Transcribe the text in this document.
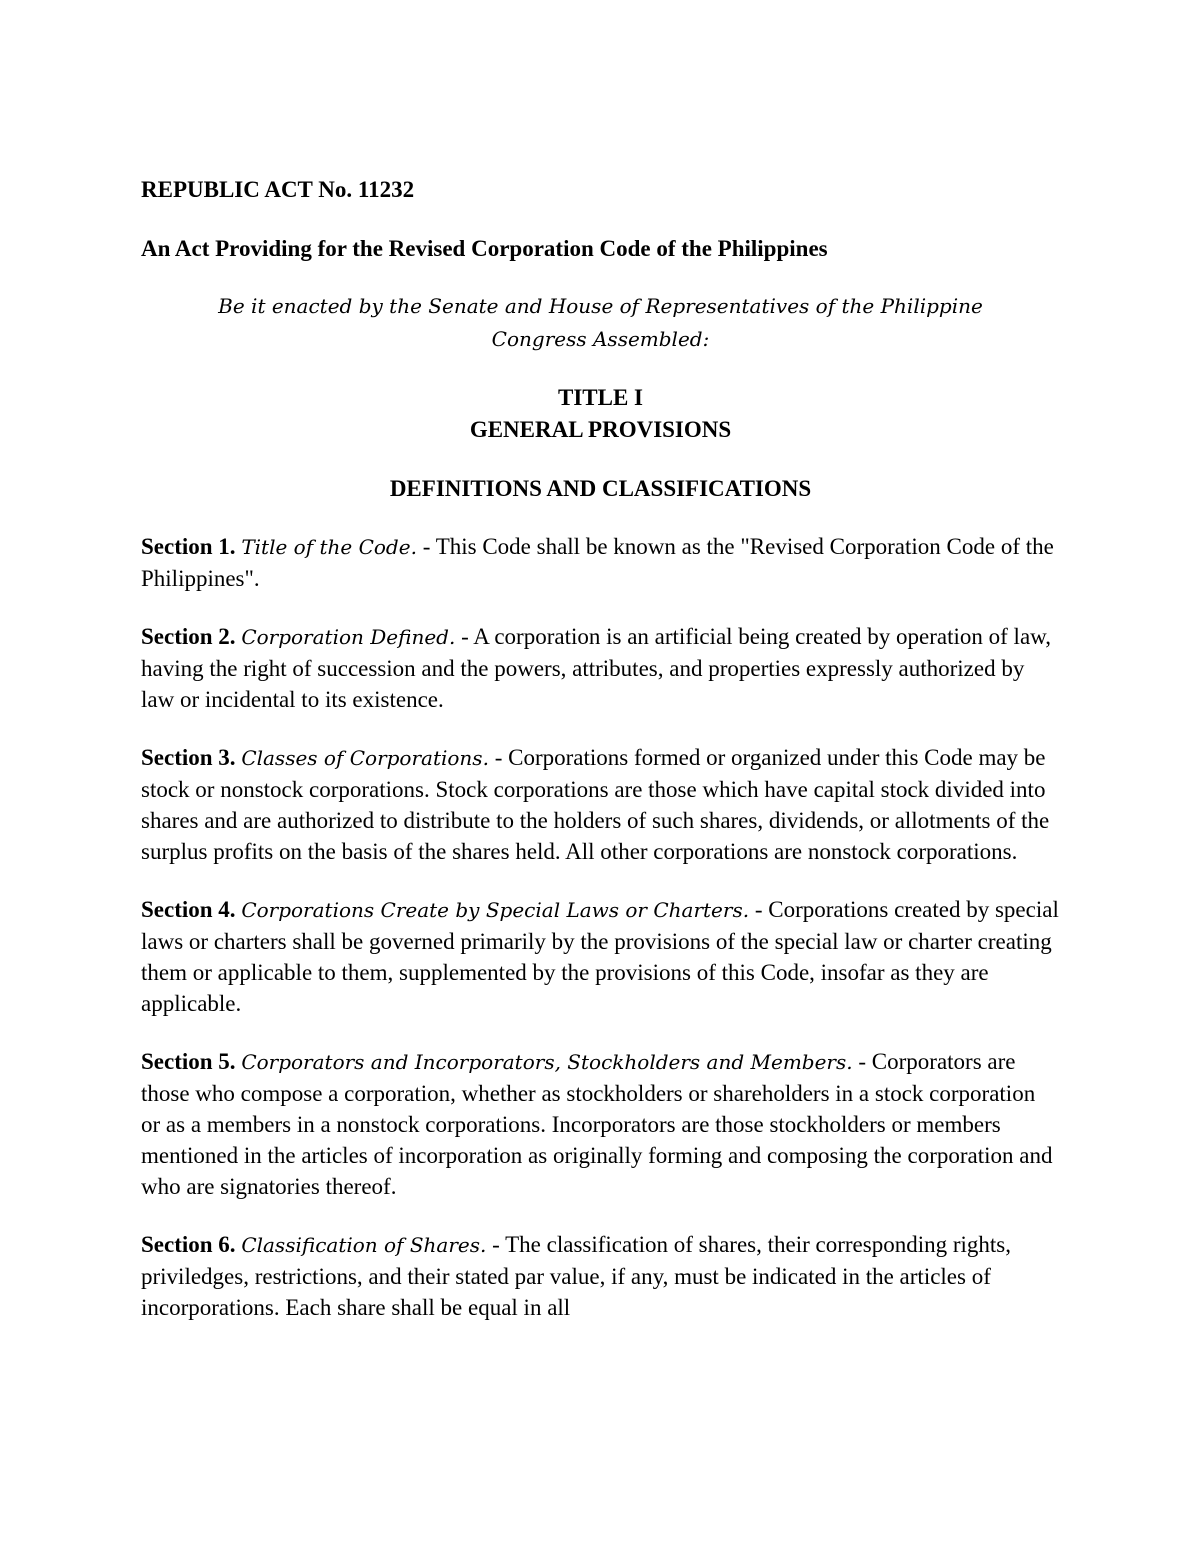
REPUBLIC ACT No. 11232

An Act Providing for the Revised Corporation Code of the Philippines

Be it enacted by the Senate and House of Representatives of the Philippine
Congress Assembled:
TITLE I
GENERAL PROVISIONS
DEFINITIONS AND CLASSIFICATIONS

Section 1. Title of the Code. - This Code shall be known as the "Revised Corporation Code of the Philippines".

Section 2. Corporation Defined. - A corporation is an artificial being created by operation of law, having the right of succession and the powers, attributes, and properties expressly authorized by law or incidental to its existence.

Section 3. Classes of Corporations. - Corporations formed or organized under this Code may be stock or nonstock corporations. Stock corporations are those which have capital stock divided into shares and are authorized to distribute to the holders of such shares, dividends, or allotments of the surplus profits on the basis of the shares held. All other corporations are nonstock corporations.

Section 4. Corporations Create by Special Laws or Charters. - Corporations created by special laws or charters shall be governed primarily by the provisions of the special law or charter creating them or applicable to them, supplemented by the provisions of this Code, insofar as they are applicable.

Section 5. Corporators and Incorporators, Stockholders and Members. - Corporators are those who compose a corporation, whether as stockholders or shareholders in a stock corporation or as a members in a nonstock corporations. Incorporators are those stockholders or members mentioned in the articles of incorporation as originally forming and composing the corporation and who are signatories thereof.

Section 6. Classification of Shares. - The classification of shares, their corresponding rights, priviledges, restrictions, and their stated par value, if any, must be indicated in the articles of incorporations. Each share shall be equal in all
